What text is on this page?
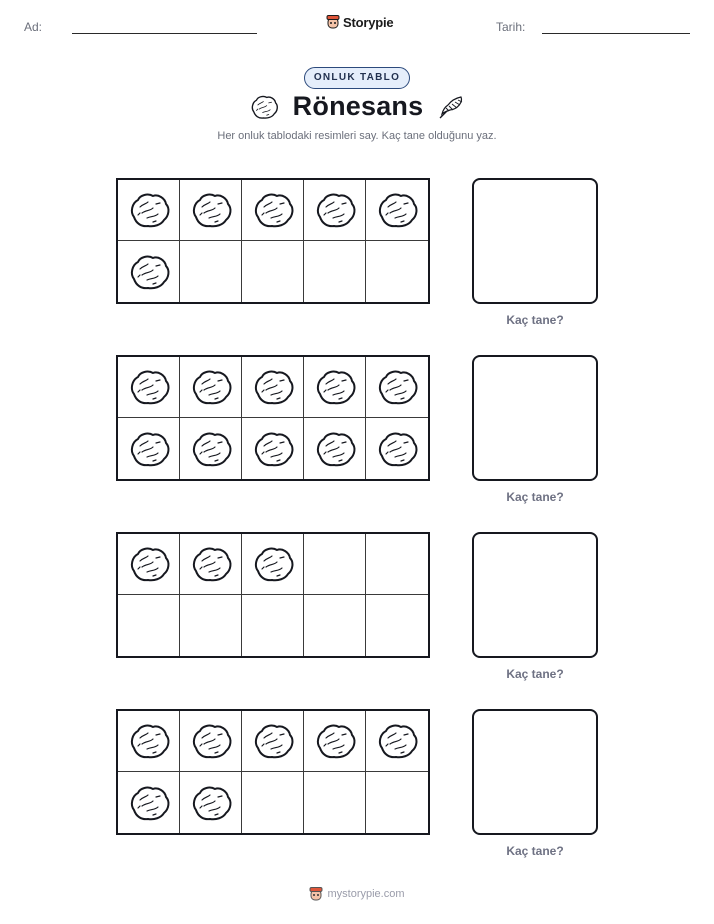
Ad:	Storypie	Tarih:
ONLUK TABLO
Rönesans
Her onluk tablodaki resimleri say. Kaç tane olduğunu yaz.
Kaç tane?
Kaç tane?
Kaç tane?
Kaç tane?
mystorypie.com
